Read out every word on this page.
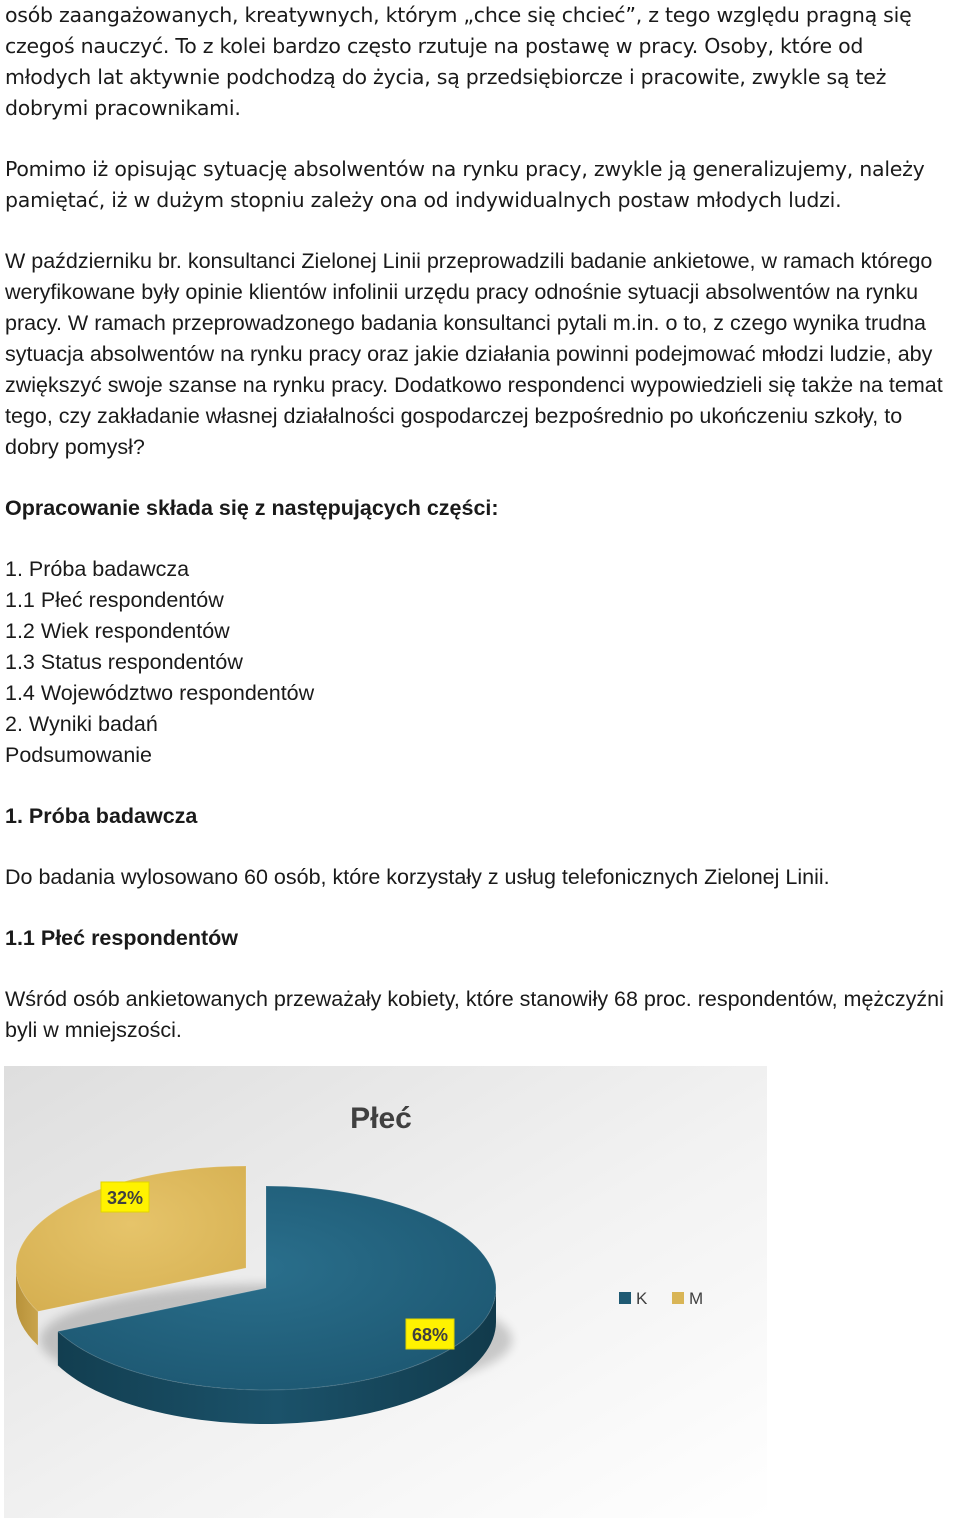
osób zaangażowanych, kreatywnych, którym „chce się chcieć”, z tego względu pragną się czegoś nauczyć. To z kolei bardzo często rzutuje na postawę w pracy. Osoby, które od młodych lat aktywnie podchodzą do życia, są przedsiębiorcze i pracowite, zwykle są też dobrymi pracownikami.

Pomimo iż opisując sytuację absolwentów na rynku pracy, zwykle ją generalizujemy, należy pamiętać, iż w dużym stopniu zależy ona od indywidualnych postaw młodych ludzi.

W październiku br. konsultanci Zielonej Linii przeprowadzili badanie ankietowe, w ramach którego weryfikowane były opinie klientów infolinii urzędu pracy odnośnie sytuacji absolwentów na rynku pracy. W ramach przeprowadzonego badania konsultanci pytali m.in. o to, z czego wynika trudna sytuacja absolwentów na rynku pracy oraz jakie działania powinni podejmować młodzi ludzie, aby zwiększyć swoje szanse na rynku pracy. Dodatkowo respondenci wypowiedzieli się także na temat tego, czy zakładanie własnej działalności gospodarczej bezpośrednio po ukończeniu szkoły, to dobry pomysł?

Opracowanie składa się z następujących części:

1. Próba badawcza
1.1 Płeć respondentów
1.2 Wiek respondentów
1.3 Status respondentów
1.4 Województwo respondentów
2. Wyniki badań
Podsumowanie

1. Próba badawcza

Do badania wylosowano 60 osób, które korzystały z usług telefonicznych Zielonej Linii.

1.1 Płeć respondentów

Wśród osób ankietowanych przeważały kobiety, które stanowiły 68 proc. respondentów, mężczyźni byli w mniejszości.

Płeć
68%
32%
K M
